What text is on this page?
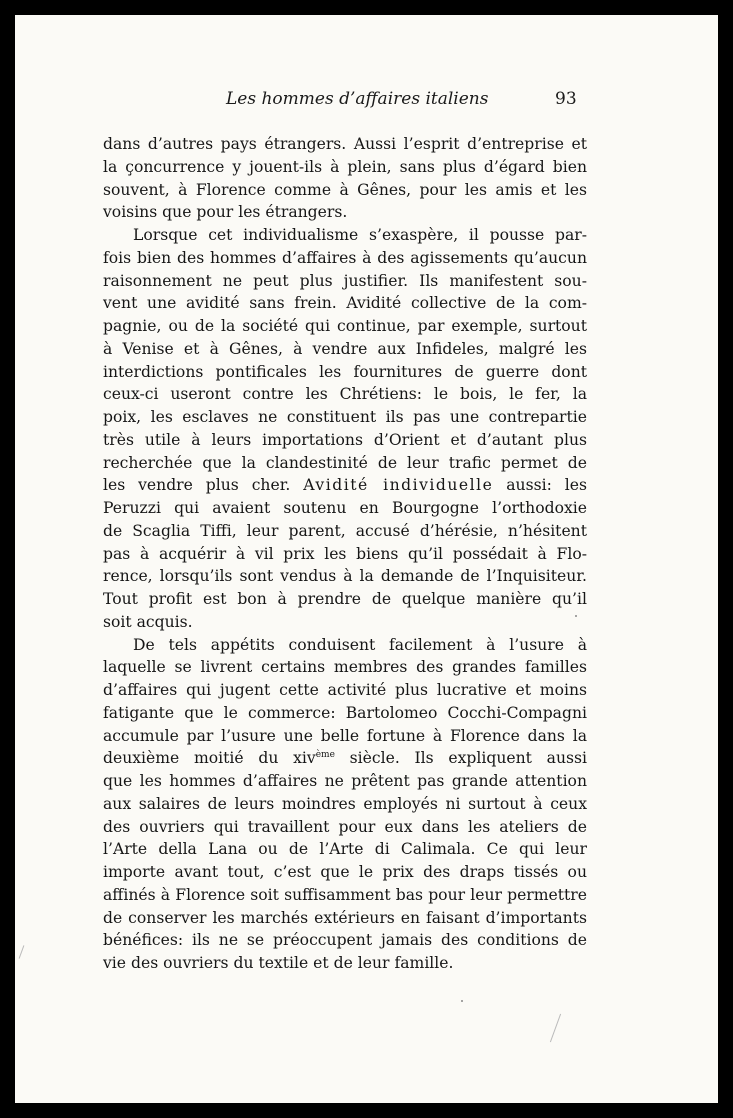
Les hommes d’affaires italiens	93
dans d’autres pays étrangers. Aussi l’esprit d’entreprise et
la çoncurrence y jouent-ils à plein, sans plus d’égard bien
souvent, à Florence comme à Gênes, pour les amis et les
voisins que pour les étrangers.
Lorsque cet individualisme s’exaspère, il pousse par-
fois bien des hommes d’affaires à des agissements qu’aucun
raisonnement ne peut plus justifier. Ils manifestent sou-
vent une avidité sans frein. Avidité collective de la com-
pagnie, ou de la société qui continue, par exemple, surtout
à Venise et à Gênes, à vendre aux Infideles, malgré les
interdictions pontificales les fournitures de guerre dont
ceux-ci useront contre les Chrétiens: le bois, le fer, la
poix, les esclaves ne constituent ils pas une contrepartie
très utile à leurs importations d’Orient et d’autant plus
recherchée que la clandestinité de leur trafic permet de
les vendre plus cher. Avidité individuelle aussi: les
Peruzzi qui avaient soutenu en Bourgogne l’orthodoxie
de Scaglia Tiffi, leur parent, accusé d’hérésie, n’hésitent
pas à acquérir à vil prix les biens qu’il possédait à Flo-
rence, lorsqu’ils sont vendus à la demande de l’Inquisiteur.
Tout profit est bon à prendre de quelque manière qu’il
soit acquis.
De tels appétits conduisent facilement à l’usure à
laquelle se livrent certains membres des grandes familles
d’affaires qui jugent cette activité plus lucrative et moins
fatigante que le commerce: Bartolomeo Cocchi-Compagni
accumule par l’usure une belle fortune à Florence dans la
deuxième moitié du xiv$^{ème}$ siècle. Ils expliquent aussi
que les hommes d’affaires ne prêtent pas grande attention
aux salaires de leurs moindres employés ni surtout à ceux
des ouvriers qui travaillent pour eux dans les ateliers de
l’Arte della Lana ou de l’Arte di Calimala. Ce qui leur
importe avant tout, c’est que le prix des draps tissés ou
affinés à Florence soit suffisamment bas pour leur permettre
de conserver les marchés extérieurs en faisant d’importants
bénéfices: ils ne se préoccupent jamais des conditions de
vie des ouvriers du textile et de leur famille.
